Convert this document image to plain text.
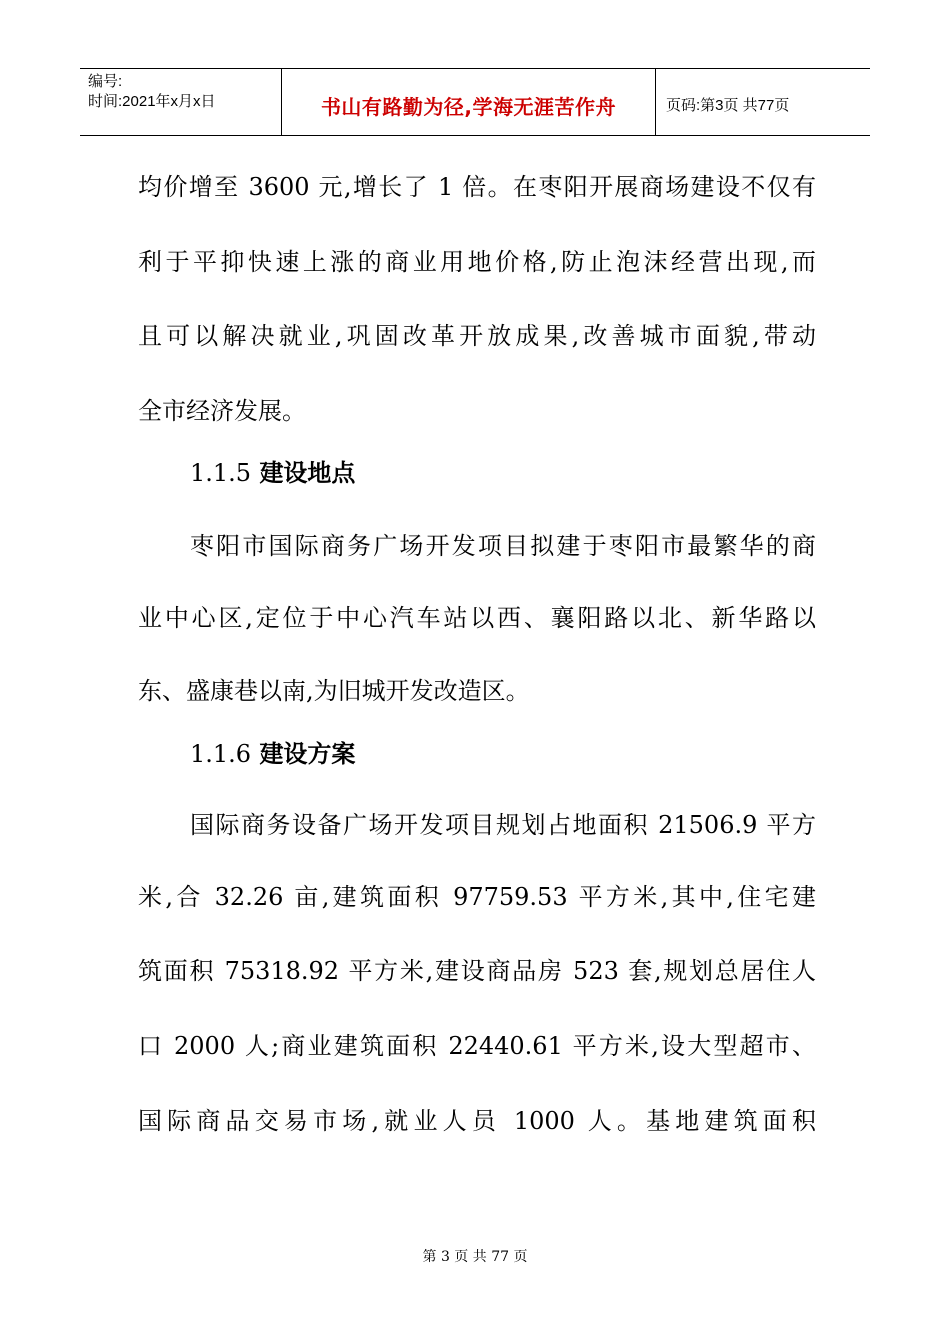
编号:
时间:2021年x月x日	书山有路勤为径,学海无涯苦作舟	页码:第3页 共77页
均价增至 3600 元,增长了 1 倍。在枣阳开展商场建设不仅有
利于平抑快速上涨的商业用地价格,防止泡沫经营出现,而
且可以解决就业,巩固改革开放成果,改善城市面貌,带动
全市经济发展。
1.1.5 建设地点
枣阳市国际商务广场开发项目拟建于枣阳市最繁华的商
业中心区,定位于中心汽车站以西、襄阳路以北、新华路以
东、盛康巷以南,为旧城开发改造区。
1.1.6 建设方案
国际商务设备广场开发项目规划占地面积 21506.9 平方
米,合 32.26 亩,建筑面积 97759.53 平方米,其中,住宅建
筑面积 75318.92 平方米,建设商品房 523 套,规划总居住人
口 2000 人;商业建筑面积 22440.61 平方米,设大型超市、
国际商品交易市场,就业人员 1000 人。基地建筑面积
第 3 页 共 77 页
